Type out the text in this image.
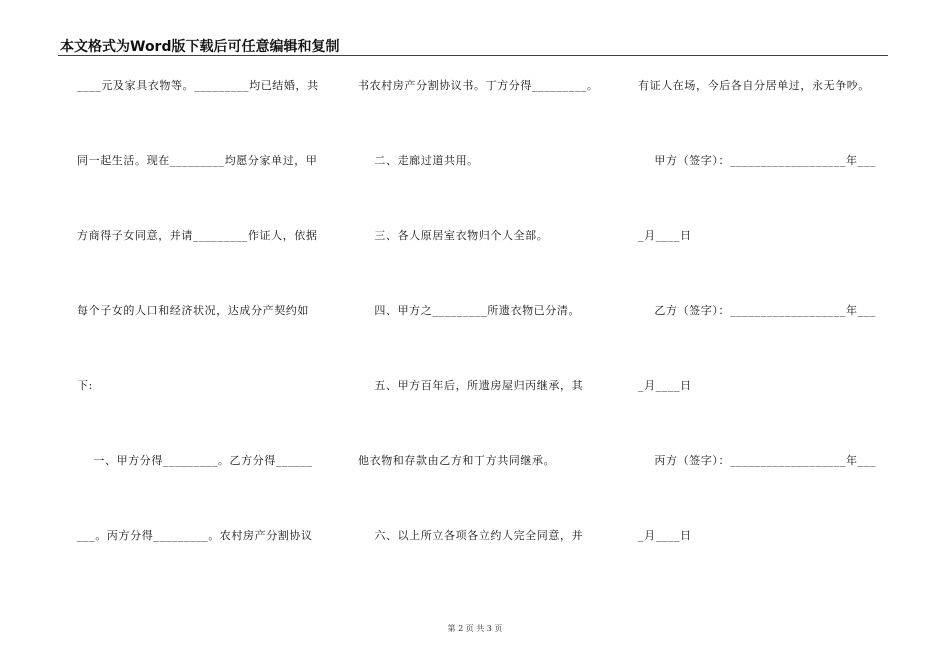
本文格式为Word版下载后可任意编辑和复制
____元及家具衣物等。_________均已结婚，共
同一起生活。现在_________均愿分家单过，甲
方商得子女同意，并请_________作证人，依据
每个子女的人口和经济状况，达成分产契约如
下:
一、甲方分得_________。乙方分得______
___。丙方分得_________。农村房产分割协议
书农村房产分割协议书。丁方分得_________。
二、走廊过道共用。
三、各人原居室衣物归个人全部。
四、甲方之_________所遗衣物已分清。
五、甲方百年后，所遗房屋归丙继承，其
他衣物和存款由乙方和丁方共同继承。
六、以上所立各项各立约人完全同意，并
有证人在场，今后各自分居单过，永无争吵。
甲方（签字）：___________________年___
_月____日
乙方（签字）：___________________年___
_月____日
丙方（签字）：___________________年___
_月____日
第 2 页 共 3 页
